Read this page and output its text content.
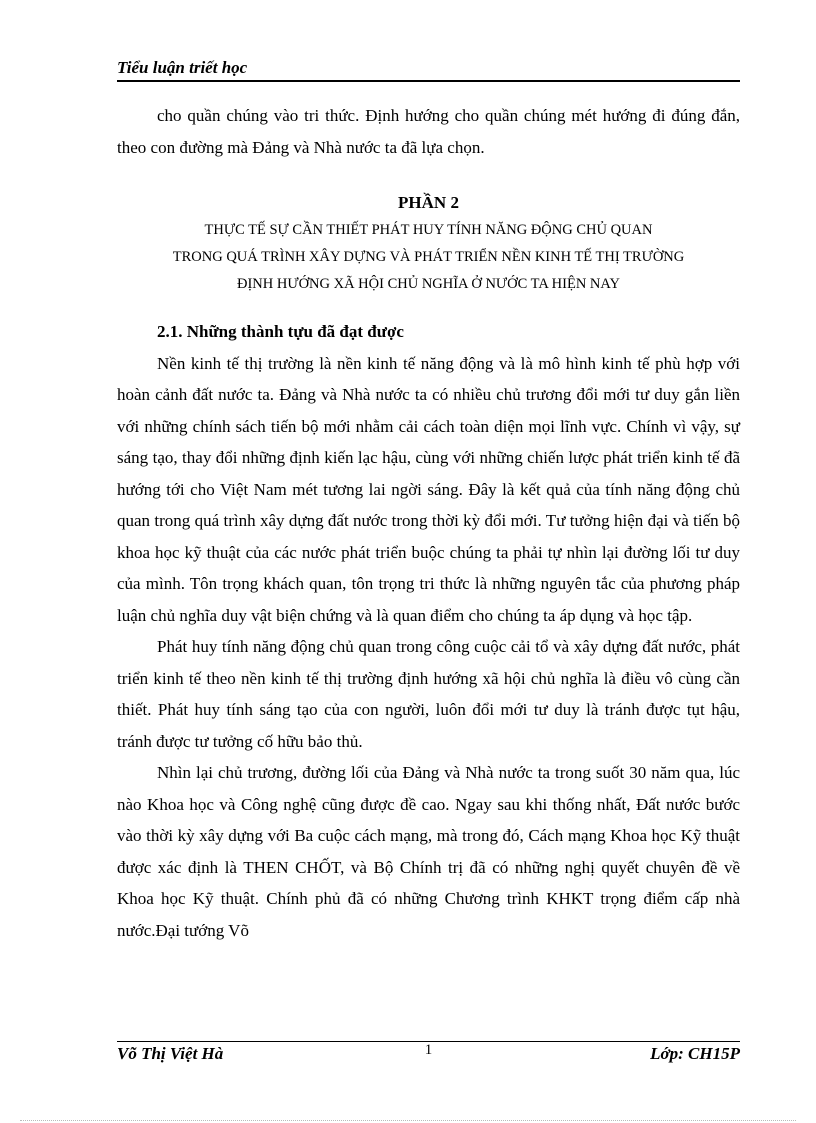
Tiểu luận triết học

cho quần chúng vào tri thức. Định hướng cho quần chúng mét hướng đi đúng đắn, theo con đường mà Đảng và Nhà nước ta đã lựa chọn.

PHẦN 2

THỰC TẾ SỰ CẦN THIẾT PHÁT HUY TÍNH NĂNG ĐỘNG CHỦ QUAN
TRONG QUÁ TRÌNH XÂY DỰNG VÀ PHÁT TRIỂN NỀN KINH TẾ THỊ TRƯỜNG
ĐỊNH HƯỚNG XÃ HỘI CHỦ NGHĨA Ở NƯỚC TA HIỆN NAY

2.1. Những thành tựu đã đạt được

Nền kinh tế thị trường là nền kinh tế năng động và là mô hình kinh tế phù hợp với hoàn cảnh đất nước ta. Đảng và Nhà nước ta có nhiều chủ trương đổi mới tư duy gắn liền với những chính sách tiến bộ mới nhằm cải cách toàn diện mọi lĩnh vực. Chính vì vậy, sự sáng tạo, thay đổi những định kiến lạc hậu, cùng với những chiến lược phát triển kinh tế đã hướng tới cho Việt Nam mét tương lai ngời sáng. Đây là kết quả của tính năng động chủ quan trong quá trình xây dựng đất nước trong thời kỳ đổi mới. Tư tưởng hiện đại và tiến bộ khoa học kỹ thuật của các nước phát triển buộc chúng ta phải tự nhìn lại đường lối tư duy của mình. Tôn trọng khách quan, tôn trọng tri thức là những nguyên tắc của phương pháp luận chủ nghĩa duy vật biện chứng và là quan điểm cho chúng ta áp dụng và học tập.

Phát huy tính năng động chủ quan trong công cuộc cải tổ và xây dựng đất nước, phát triển kinh tế theo nền kinh tế thị trường định hướng xã hội chủ nghĩa là điều vô cùng cần thiết. Phát huy tính sáng tạo của con người, luôn đổi mới tư duy là tránh được tụt hậu, tránh được tư tưởng cố hữu bảo thủ.

Nhìn lại chủ trương, đường lối của Đảng và Nhà nước ta trong suốt 30 năm qua, lúc nào Khoa học và Công nghệ cũng được đề cao. Ngay sau khi thống nhất, Đất nước bước vào thời kỳ xây dựng với Ba cuộc cách mạng, mà trong đó, Cách mạng Khoa học Kỹ thuật được xác định là THEN CHỐT, và Bộ Chính trị đã có những nghị quyết chuyên đề về Khoa học Kỹ thuật. Chính phủ đã có những Chương trình KHKT trọng điểm cấp nhà nước.Đại tướng Võ

Võ Thị Việt Hà	1	Lớp: CH15P
